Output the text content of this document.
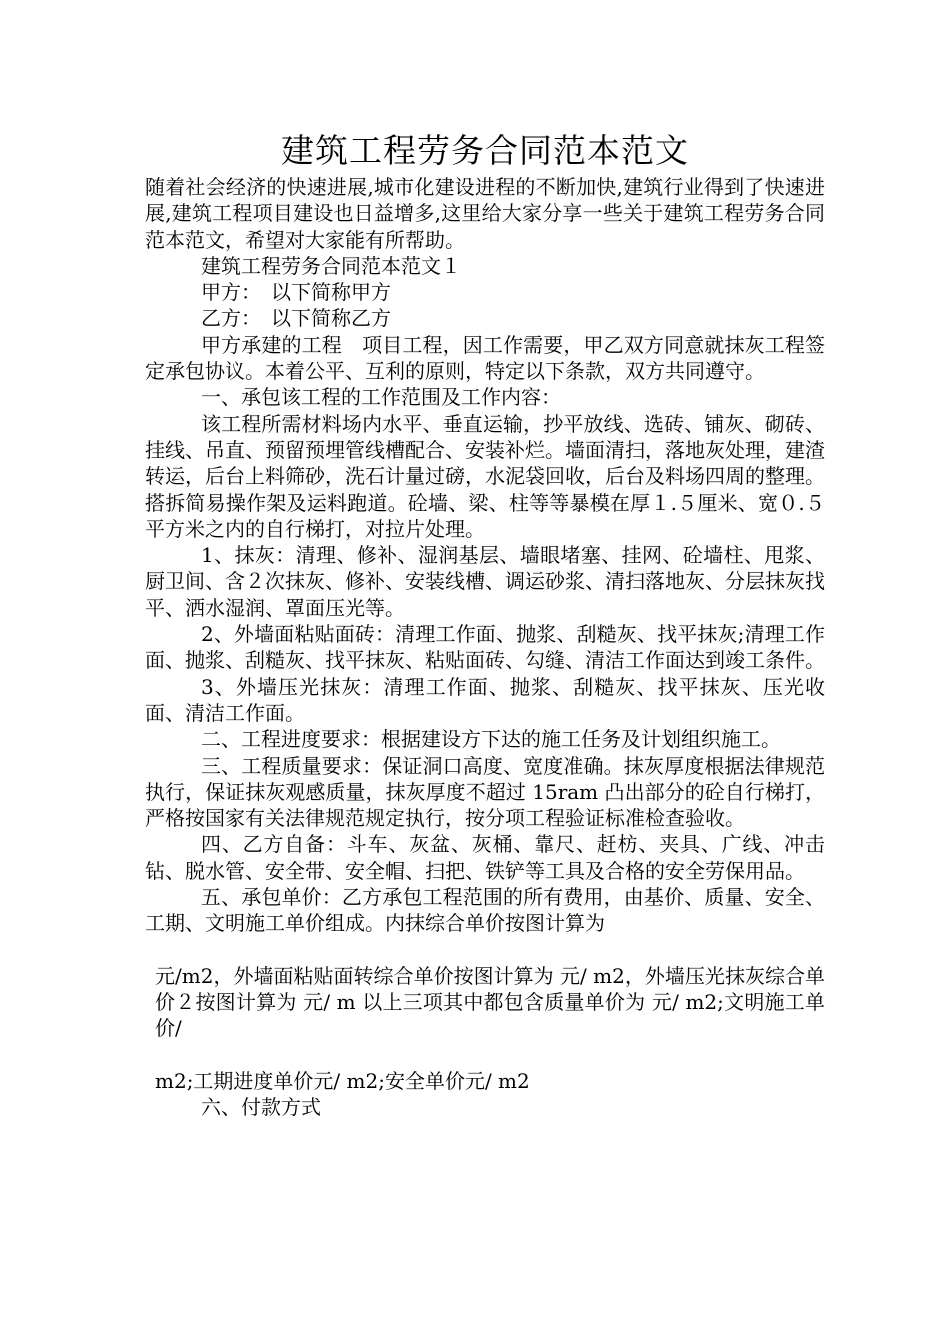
建筑工程劳务合同范本范文

随着社会经济的快速进展,城市化建设进程的不断加快,建筑行业得到了快速进展,建筑工程项目建设也日益增多,这里给大家分享一些关于建筑工程劳务合同范本范文，希望对大家能有所帮助。

建筑工程劳务合同范本范文１

甲方：　以下简称甲方

乙方：　以下简称乙方

甲方承建的工程　项目工程，因工作需要，甲乙双方同意就抹灰工程签定承包协议。本着公平、互利的原则，特定以下条款，双方共同遵守。

一、承包该工程的工作范围及工作内容：

该工程所需材料场内水平、垂直运输，抄平放线、选砖、铺灰、砌砖、挂线、吊直、预留预埋管线槽配合、安装补烂。墙面清扫，落地灰处理，建渣转运，后台上料筛砂，洗石计量过磅，水泥袋回收，后台及料场四周的整理。搭拆简易操作架及运料跑道。砼墙、梁、柱等等暴模在厚１.５厘米、宽０.５平方米之内的自行梯打，对拉片处理。

1、抹灰：清理、修补、湿润基层、墙眼堵塞、挂网、砼墙柱、甩浆、厨卫间、含２次抹灰、修补、安装线槽、调运砂浆、清扫落地灰、分层抹灰找平、洒水湿润、罩面压光等。

2、外墙面粘贴面砖：清理工作面、抛浆、刮糙灰、找平抹灰;清理工作面、抛浆、刮糙灰、找平抹灰、粘贴面砖、勾缝、清洁工作面达到竣工条件。

3、外墙压光抹灰：清理工作面、抛浆、刮糙灰、找平抹灰、压光收面、清洁工作面。

二、工程进度要求：根据建设方下达的施工任务及计划组织施工。

三、工程质量要求：保证洞口高度、宽度准确。抹灰厚度根据法律规范执行，保证抹灰观感质量，抹灰厚度不超过 15ram 凸出部分的砼自行梯打，严格按国家有关法律规范规定执行，按分项工程验证标准检查验收。

四、乙方自备：斗车、灰盆、灰桶、靠尺、赶枋、夹具、广线、冲击钻、脱水管、安全带、安全帽、扫把、铁铲等工具及合格的安全劳保用品。

五、承包单价：乙方承包工程范围的所有费用，由基价、质量、安全、工期、文明施工单价组成。内抹综合单价按图计算为

元/m2，外墙面粘贴面转综合单价按图计算为 元/ m2，外墙压光抹灰综合单价２按图计算为 元/ m 以上三项其中都包含质量单价为 元/ m2;文明施工单价/

m2;工期进度单价元/ m2;安全单价元/ m2

六、付款方式
